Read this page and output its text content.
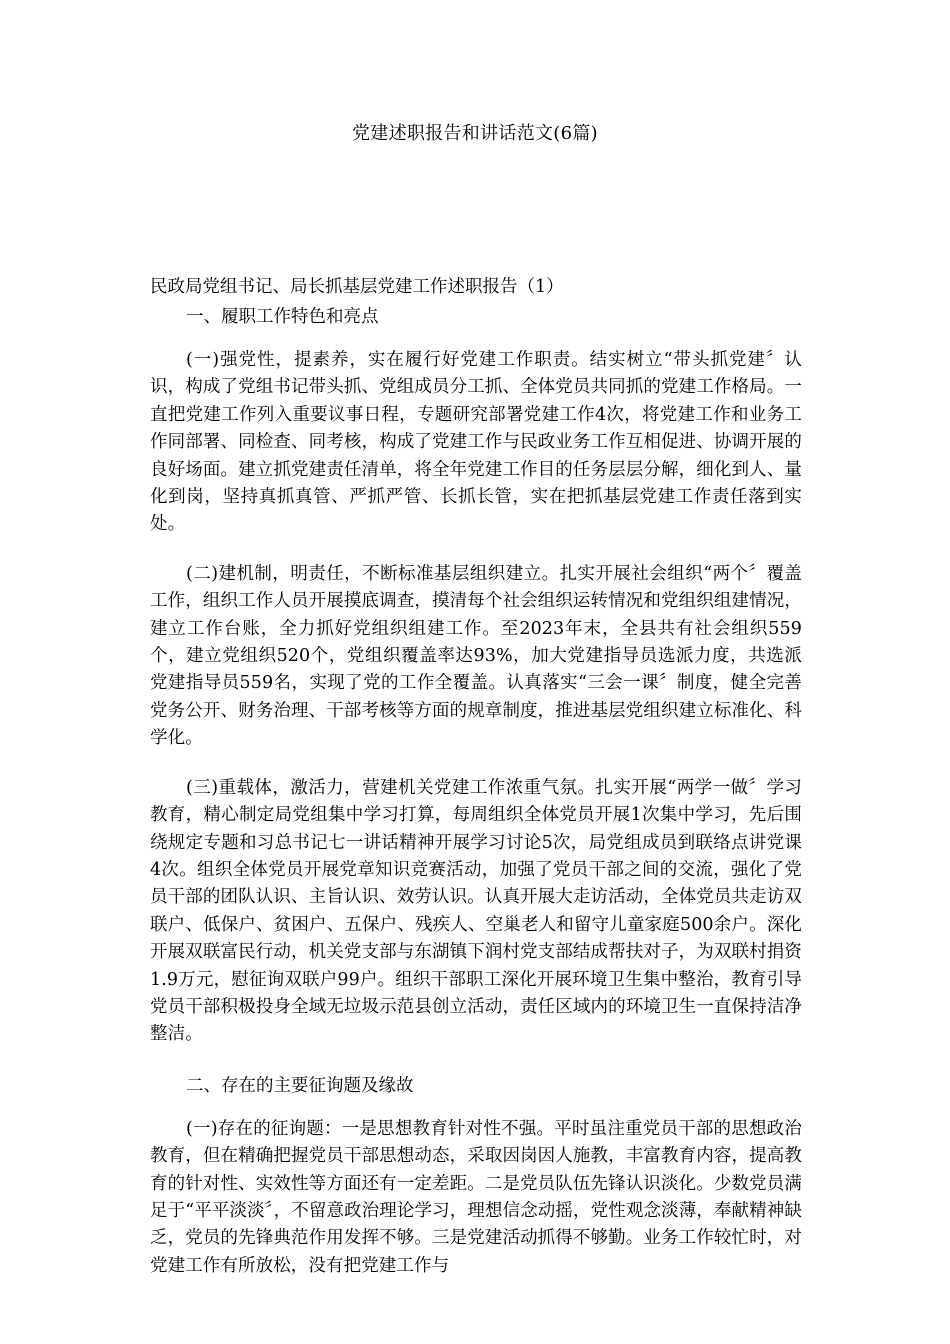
党建述职报告和讲话范文(6篇)

民政局党组书记、局长抓基层党建工作述职报告（1）

一、履职工作特色和亮点

(一)强党性，提素养，实在履行好党建工作职责。结实树立“带头抓党建〞认识，构成了党组书记带头抓、党组成员分工抓、全体党员共同抓的党建工作格局。一直把党建工作列入重要议事日程，专题研究部署党建工作4次，将党建工作和业务工作同部署、同检查、同考核，构成了党建工作与民政业务工作互相促进、协调开展的良好场面。建立抓党建责任清单，将全年党建工作目的任务层层分解，细化到人、量化到岗，坚持真抓真管、严抓严管、长抓长管，实在把抓基层党建工作责任落到实处。

(二)建机制，明责任，不断标准基层组织建立。扎实开展社会组织“两个〞覆盖工作，组织工作人员开展摸底调查，摸清每个社会组织运转情况和党组织组建情况，建立工作台账，全力抓好党组织组建工作。至2023年末，全县共有社会组织559个，建立党组织520个，党组织覆盖率达93%，加大党建指导员选派力度，共选派党建指导员559名，实现了党的工作全覆盖。认真落实“三会一课〞制度，健全完善党务公开、财务治理、干部考核等方面的规章制度，推进基层党组织建立标准化、科学化。

(三)重载体，激活力，营建机关党建工作浓重气氛。扎实开展“两学一做〞学习教育，精心制定局党组集中学习打算，每周组织全体党员开展1次集中学习，先后围绕规定专题和习总书记七一讲话精神开展学习讨论5次，局党组成员到联络点讲党课4次。组织全体党员开展党章知识竞赛活动，加强了党员干部之间的交流，强化了党员干部的团队认识、主旨认识、效劳认识。认真开展大走访活动，全体党员共走访双联户、低保户、贫困户、五保户、残疾人、空巢老人和留守儿童家庭500余户。深化开展双联富民行动，机关党支部与东湖镇下润村党支部结成帮扶对子，为双联村捐资1.9万元，慰征询双联户99户。组织干部职工深化开展环境卫生集中整治，教育引导党员干部积极投身全域无垃圾示范县创立活动，责任区域内的环境卫生一直保持洁净整洁。

二、存在的主要征询题及缘故

(一)存在的征询题：一是思想教育针对性不强。平时虽注重党员干部的思想政治教育，但在精确把握党员干部思想动态，采取因岗因人施教，丰富教育内容，提高教育的针对性、实效性等方面还有一定差距。二是党员队伍先锋认识淡化。少数党员满足于“平平淡淡〞，不留意政治理论学习，理想信念动摇，党性观念淡薄，奉献精神缺乏，党员的先锋典范作用发挥不够。三是党建活动抓得不够勤。业务工作较忙时，对党建工作有所放松，没有把党建工作与
